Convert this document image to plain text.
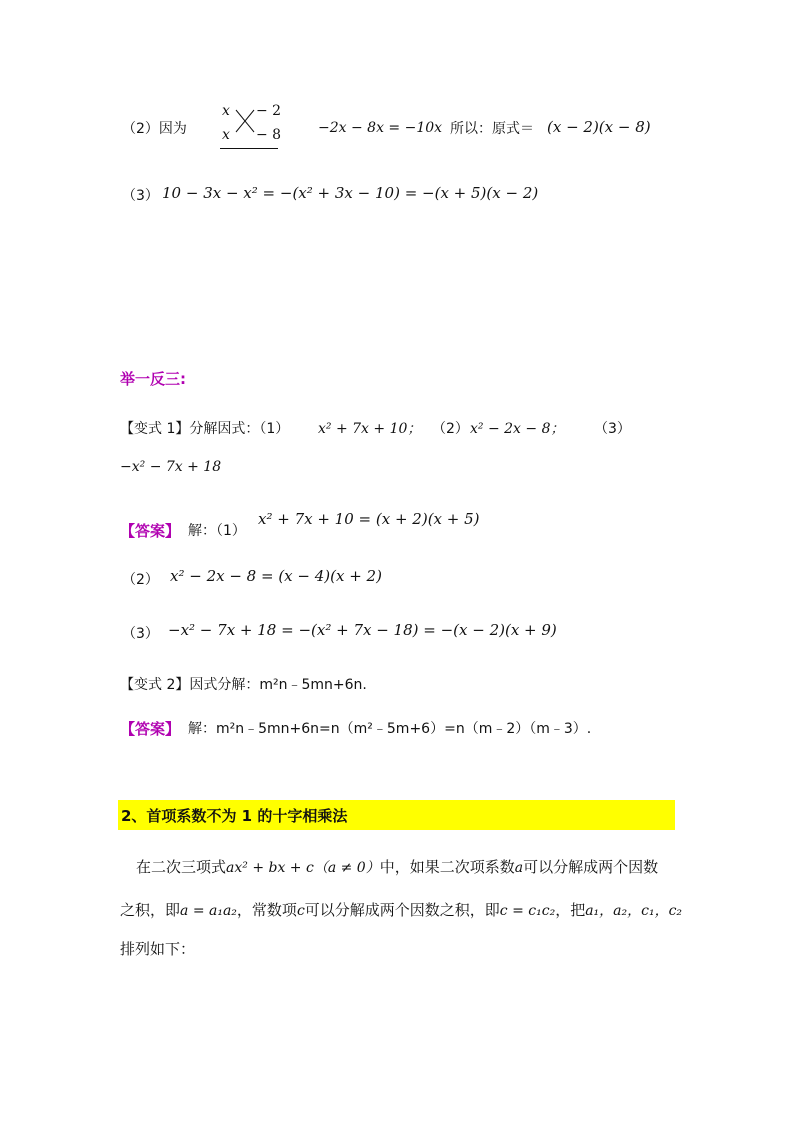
（2）因为
x
x
− 2
− 8	−2x − 8x = −10x 所以：原式＝ (x − 2)(x − 8)
（3） 10 − 3x − x² = −(x² + 3x − 10) = −(x + 5)(x − 2)
举一反三:
【变式 1】分解因式：（1） x² + 7x + 10； （2） x² − 2x − 8； （3）
−x² − 7x + 18
【答案】 解：（1）
x² + 7x + 10 = (x + 2)(x + 5)
（2） x² − 2x − 8 = (x − 4)(x + 2)
（3） −x² − 7x + 18 = −(x² + 7x − 18) = −(x − 2)(x + 9)
【变式 2】因式分解：m²n﹣5mn+6n.
【答案】 解：m²n﹣5mn+6n=n（m²﹣5m+6）=n（m﹣2）（m﹣3）.
2、首项系数不为 1 的十字相乘法
在二次三项式ax² + bx + c（a ≠ 0）中，如果二次项系数a可以分解成两个因数
之积，即a = a₁a₂，常数项c可以分解成两个因数之积，即c = c₁c₂，把a₁，a₂，c₁，c₂
排列如下：
